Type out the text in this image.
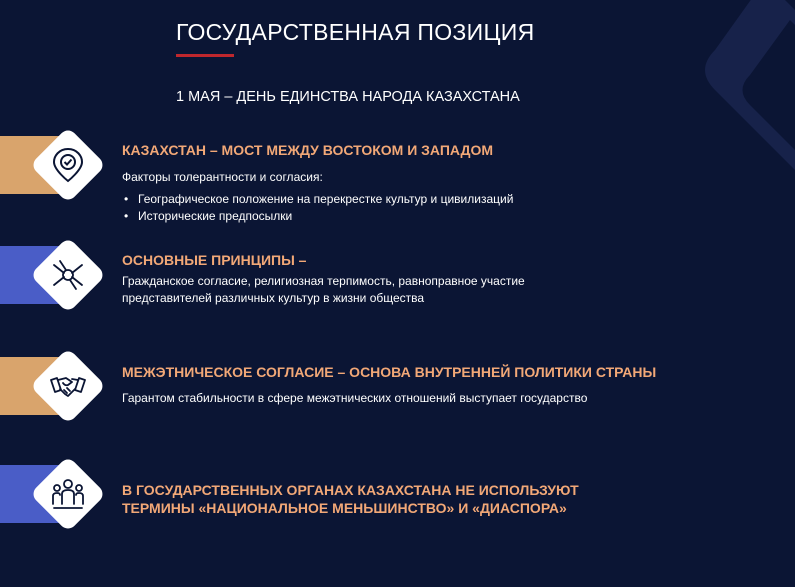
ГОСУДАРСТВЕННАЯ ПОЗИЦИЯ
1 МАЯ – ДЕНЬ ЕДИНСТВА НАРОДА КАЗАХСТАНА
КАЗАХСТАН – МОСТ МЕЖДУ ВОСТОКОМ И ЗАПАДОМ
Факторы толерантности и согласия:
• Географическое положение на перекрестке культур и цивилизаций
• Исторические предпосылки
ОСНОВНЫЕ ПРИНЦИПЫ –
Гражданское согласие, религиозная терпимость, равноправное участие
представителей различных культур в жизни общества
МЕЖЭТНИЧЕСКОЕ СОГЛАСИЕ – ОСНОВА ВНУТРЕННЕЙ ПОЛИТИКИ СТРАНЫ
Гарантом стабильности в сфере межэтнических отношений выступает государство
В ГОСУДАРСТВЕННЫХ ОРГАНАХ КАЗАХСТАНА НЕ ИСПОЛЬЗУЮТ
ТЕРМИНЫ «НАЦИОНАЛЬНОЕ МЕНЬШИНСТВО» И «ДИАСПОРА»
